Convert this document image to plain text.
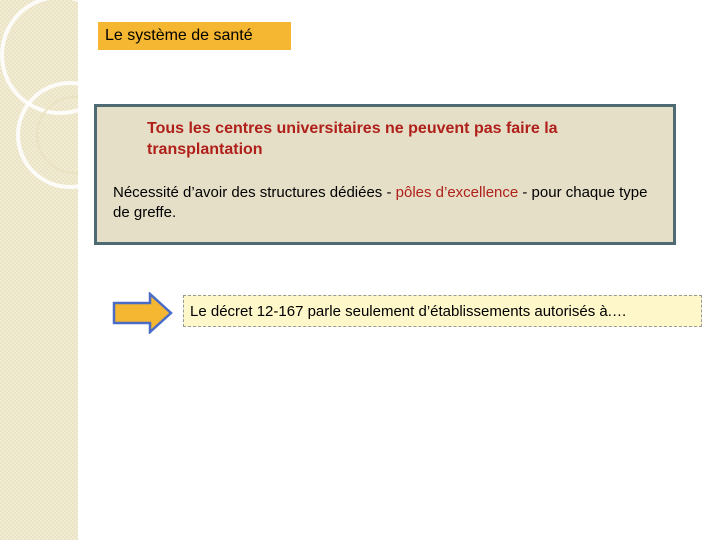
Le système de santé
Tous les centres universitaires ne peuvent pas faire la transplantation
Nécessité d’avoir des structures dédiées - pôles d’excellence - pour chaque type de greffe.
Le décret 12-167 parle seulement d’établissements autorisés à.…
